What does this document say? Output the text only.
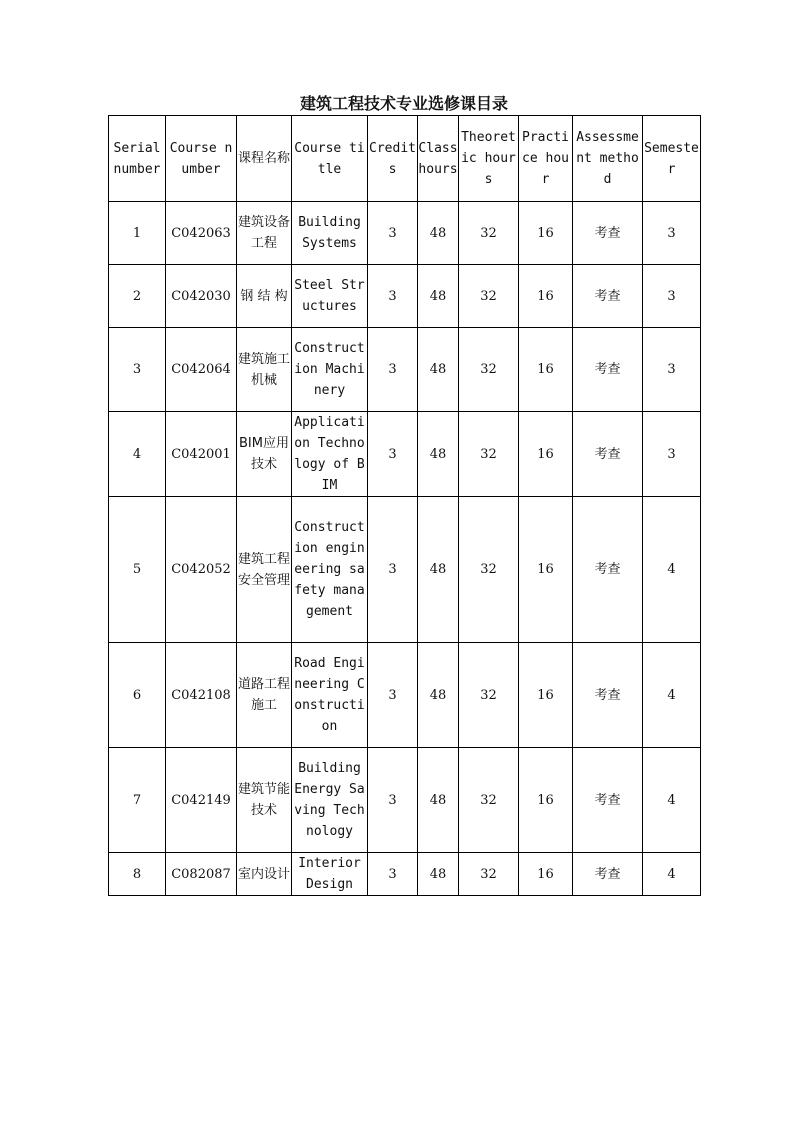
建筑工程技术专业选修课目录
Serial number	Course number	课程名称	Course title	Credits	Class hours	Theoretic hours	Practice hour	Assessment method	Semester
1	C042063	建筑设备工程	Building Systems	3	48	32	16	考查	3
2	C042030	钢 结 构	Steel Structures	3	48	32	16	考查	3
3	C042064	建筑施工机械	Construction Machinery	3	48	32	16	考查	3
4	C042001	BIM应用技术	Application Technology of BIM	3	48	32	16	考查	3
5	C042052	建筑工程安全管理	Construction engineering safety management	3	48	32	16	考查	4
6	C042108	道路工程施工	Road Engineering Construction	3	48	32	16	考查	4
7	C042149	建筑节能技术	Building Energy Saving Technology	3	48	32	16	考查	4
8	C082087	室内设计	Interior Design	3	48	32	16	考查	4
